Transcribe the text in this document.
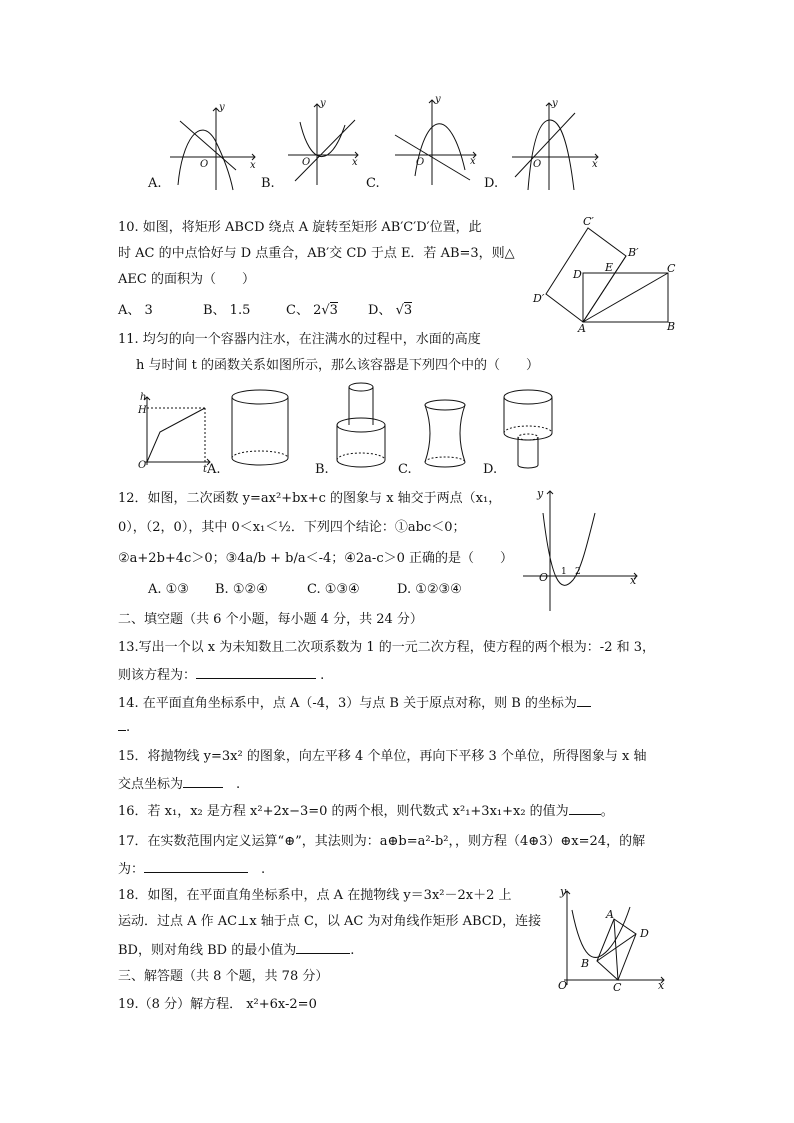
x
y
O	x
y
O	x
y
O	x
y
O
A.	B.	C.	D.
10. 如图，将矩形 ABCD 绕点 A 旋转至矩形 AB′C′D′位置，此
时 AC 的中点恰好与 D 点重合，AB′交 CD 于点 E．若 AB=3，则△
AEC 的面积为（　　）
A、 3	B、 1.5	C、 2√3 D、 √3
C′
B′
D
E	C
D′
A	B
11. 均匀的向一个容器内注水，在注满水的过程中，水面的高度
h 与时间 t 的函数关系如图所示，那么该容器是下列四个中的（　　）
h
H
O	t A.	B.	C.	D.
12．如图，二次函数 y=ax²+bx+c 的图象与 x 轴交于两点（x₁，
0），（2，0），其中 0＜x₁＜½．下列四个结论：①abc＜0；
②a+2b+4c＞0；③4a/b + b/a＜-4；④2a-c＞0 正确的是（　　）
A. ①③ B. ①②④	C. ①③④	D. ①②③④
y
O 1 2
x
二、填空题（共 6 个小题，每小题 4 分，共 24 分）
13.写出一个以 x 为未知数且二次项系数为 1 的一元二次方程，使方程的两个根为：-2 和 3，
则该方程为：	.
14. 在平面直角坐标系中，点 A（-4，3）与点 B 关于原点对称，则 B 的坐标为
.
15．将抛物线 y=3x² 的图象，向左平移 4 个单位，再向下平移 3 个单位，所得图象与 x 轴
交点坐标为　	.
16．若 x₁，x₂ 是方程 x²+2x−3=0 的两个根，则代数式 x²₁+3x₁+x₂ 的值为 。
17．在实数范围内定义运算“⊕”，其法则为：a⊕b=a²-b²，，则方程（4⊕3）⊕x=24，的解
为：　	.
18．如图，在平面直角坐标系中，点 A 在抛物线 y＝3x²－2x＋2 上
运动．过点 A 作 AC⊥x 轴于点 C，以 AC 为对角线作矩形 ABCD，连接
BD，则对角线 BD 的最小值为	.
y
A
D
B
O	C	x
三、解答题（共 8 个题，共 78 分）
19.（8 分）解方程． x²+6x-2=0
